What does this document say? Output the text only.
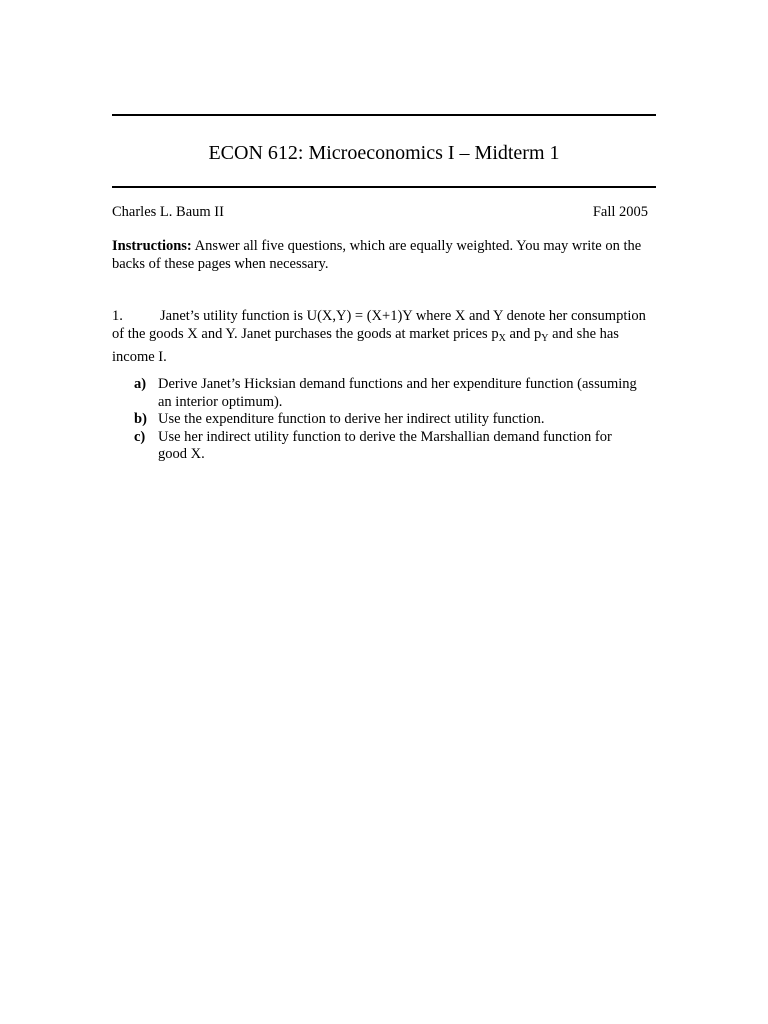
ECON 612: Microeconomics I – Midterm 1
Charles L. Baum II	Fall 2005
Instructions: Answer all five questions, which are equally weighted. You may write on the backs of these pages when necessary.
1.	Janet’s utility function is U(X,Y) = (X+1)Y where X and Y denote her consumption of the goods X and Y. Janet purchases the goods at market prices $p_X$ and $p_Y$ and she has income I.
a) Derive Janet’s Hicksian demand functions and her expenditure function (assuming an interior optimum).
b) Use the expenditure function to derive her indirect utility function.
c) Use her indirect utility function to derive the Marshallian demand function for good X.
